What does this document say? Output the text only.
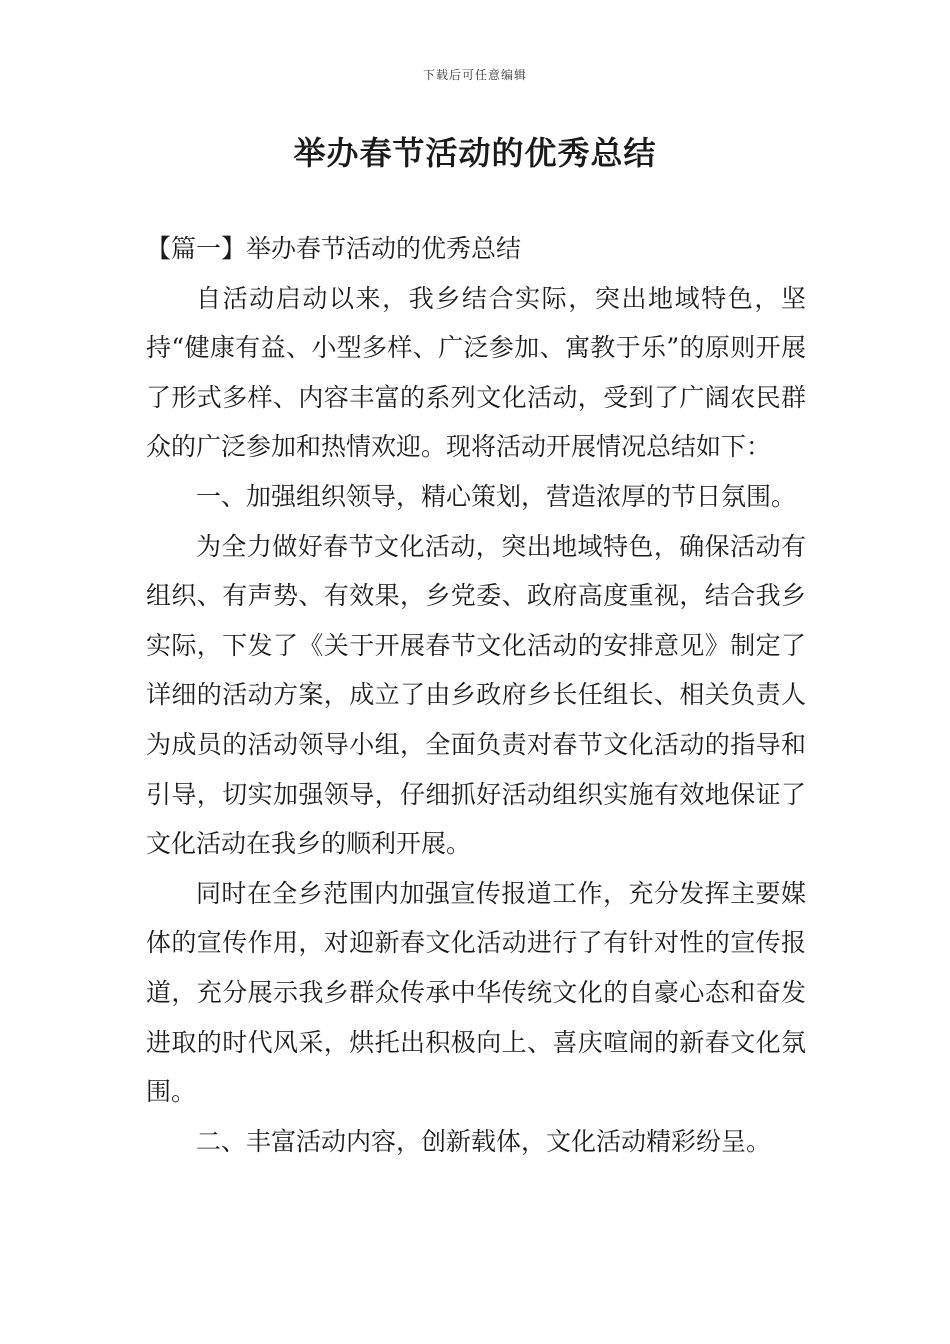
下载后可任意编辑
举办春节活动的优秀总结

【篇一】举办春节活动的优秀总结

自活动启动以来，我乡结合实际，突出地域特色，坚持“健康有益、小型多样、广泛参加、寓教于乐”的原则开展了形式多样、内容丰富的系列文化活动，受到了广阔农民群众的广泛参加和热情欢迎。现将活动开展情况总结如下：

一、加强组织领导，精心策划，营造浓厚的节日氛围。

为全力做好春节文化活动，突出地域特色，确保活动有组织、有声势、有效果，乡党委、政府高度重视，结合我乡实际，下发了《关于开展春节文化活动的安排意见》制定了详细的活动方案，成立了由乡政府乡长任组长、相关负责人为成员的活动领导小组，全面负责对春节文化活动的指导和引导，切实加强领导，仔细抓好活动组织实施有效地保证了文化活动在我乡的顺利开展。

同时在全乡范围内加强宣传报道工作，充分发挥主要媒体的宣传作用，对迎新春文化活动进行了有针对性的宣传报道，充分展示我乡群众传承中华传统文化的自豪心态和奋发进取的时代风采，烘托出积极向上、喜庆喧闹的新春文化氛围。

二、丰富活动内容，创新载体，文化活动精彩纷呈。
